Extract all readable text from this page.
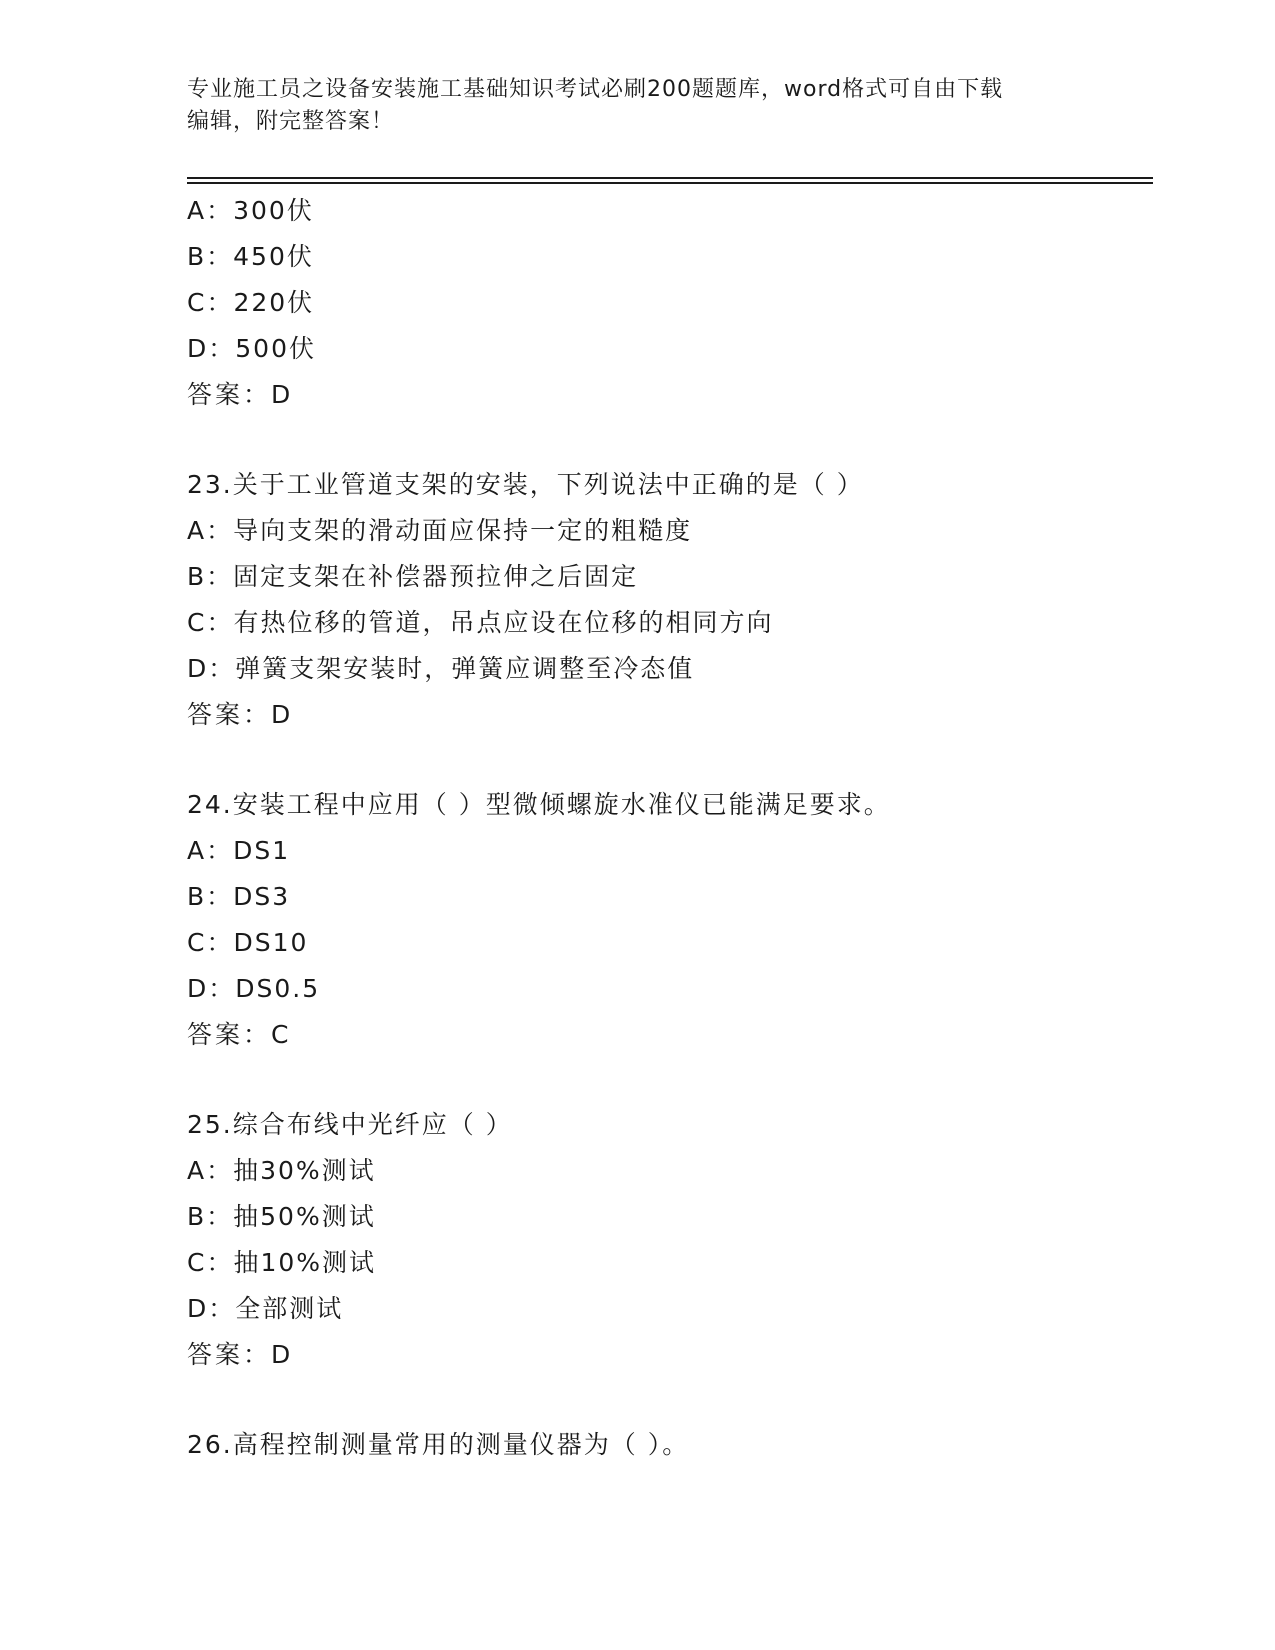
专业施工员之设备安装施工基础知识考试必刷200题题库，word格式可自由下载
编辑，附完整答案！
A：300伏
B：450伏
C：220伏
D：500伏
答案：D
23.关于工业管道支架的安装，下列说法中正确的是（ ）
A：导向支架的滑动面应保持一定的粗糙度
B：固定支架在补偿器预拉伸之后固定
C：有热位移的管道，吊点应设在位移的相同方向
D：弹簧支架安装时，弹簧应调整至冷态值
答案：D
24.安装工程中应用（ ）型微倾螺旋水准仪已能满足要求。
A：DS1
B：DS3
C：DS10
D：DS0.5
答案：C
25.综合布线中光纤应（ ）
A：抽30%测试
B：抽50%测试
C：抽10%测试
D：全部测试
答案：D
26.高程控制测量常用的测量仪器为（ ）。
